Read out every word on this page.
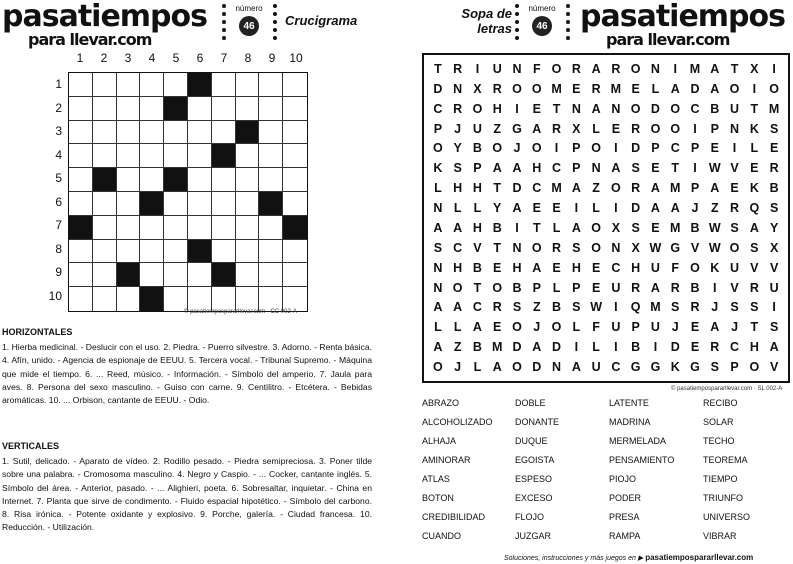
pasatiempos
para llevar.com
número
46	Crucigrama
1	2	3	4	5	6	7	8	9	10
1
2
3
4
5
6
7
8
9
10
© pasatiempospararllevar.com · CC 002-A
HORIZONTALES
1. Hierba medicinal. - Deslucir con el uso. 2. Piedra. - Puerro silvestre. 3. Adorno. - Renta básica. 4. Afín, unido. - Agencia de espionaje de EEUU. 5. Tercera vocal. - Tribunal Supremo. - Máquina que mide el tiempo. 6. ... Reed, músico. - Información. - Símbolo del amperio. 7. Jaula para aves. 8. Persona del sexo masculino. - Guiso con carne. 9. Centilitro. - Etcétera. - Bebidas aromáticas. 10. ... Orbison, cantante de EEUU. - Odio.
VERTICALES
1. Sutil, delicado. - Aparato de vídeo. 2. Rodillo pesado. - Piedra semipreciosa. 3. Poner tilde sobre una palabra. - Cromosoma masculino. 4. Negro y Caspio. - ... Cocker, cantante inglés. 5. Símbolo del área. - Anterior, pasado. - ... Alighieri, poeta. 6. Sobresaltar, inquietar. - China en Internet. 7. Planta que sirve de condimento. - Fluido espacial hipotético. - Símbolo del carbono. 8. Risa irónica. - Potente oxidante y explosivo. 9. Porche, galería. - Ciudad francesa. 10. Reducción. - Utilización.
Sopa de
letras
número
46 pasatiempos
para llevar.com
T R	I	U N F O R A R O N	I	M A T X	I
D N X R O O M E R M E L A D A O	I	O
C R O H	I	E T N A N O D O C B U T M
P J U Z G A R X L E R O O	I	P N K S
O Y B O J O	I	P O	I	D P C P E	I	L E
K S P A A H C P N A S E T	I W V E R
L H H T D C M A Z O R A M P A E K B
N L L Y A E E	I	L	I	D A A J Z R Q S
A A H B	I	T L A O X S E M B W S A Y
S C V T N O R S O N X W G V W O S X
N H B E H A E H E C H U F O K U V V
N O T O B P L P E U R A R B	I	V R U
A A C R S Z B S W I	Q M S R J S S	I
L L A E O J O L F U P U J E A J T S
A Z B M D A D	I	L	I	B	I	D E R C H A
O J L A O D N A U C G G K G S P O V
© pasatiempospararllevar.com · SL 002-A
ABRAZO
ALCOHOLIZADO
ALHAJA
AMINORAR
ATLAS
BOTON
CREDIBILIDAD
CUANDO
DOBLE
DONANTE
DUQUE
EGOISTA
ESPESO
EXCESO
FLOJO
JUZGAR
LATENTE
MADRINA
MERMELADA
PENSAMIENTO
PIOJO
PODER
PRESA
RAMPA
RECIBO
SOLAR
TECHO
TEOREMA
TIEMPO
TRIUNFO
UNIVERSO
VIBRAR
Soluciones, instrucciones y más juegos en ▶ pasatiempospararllevar.com
